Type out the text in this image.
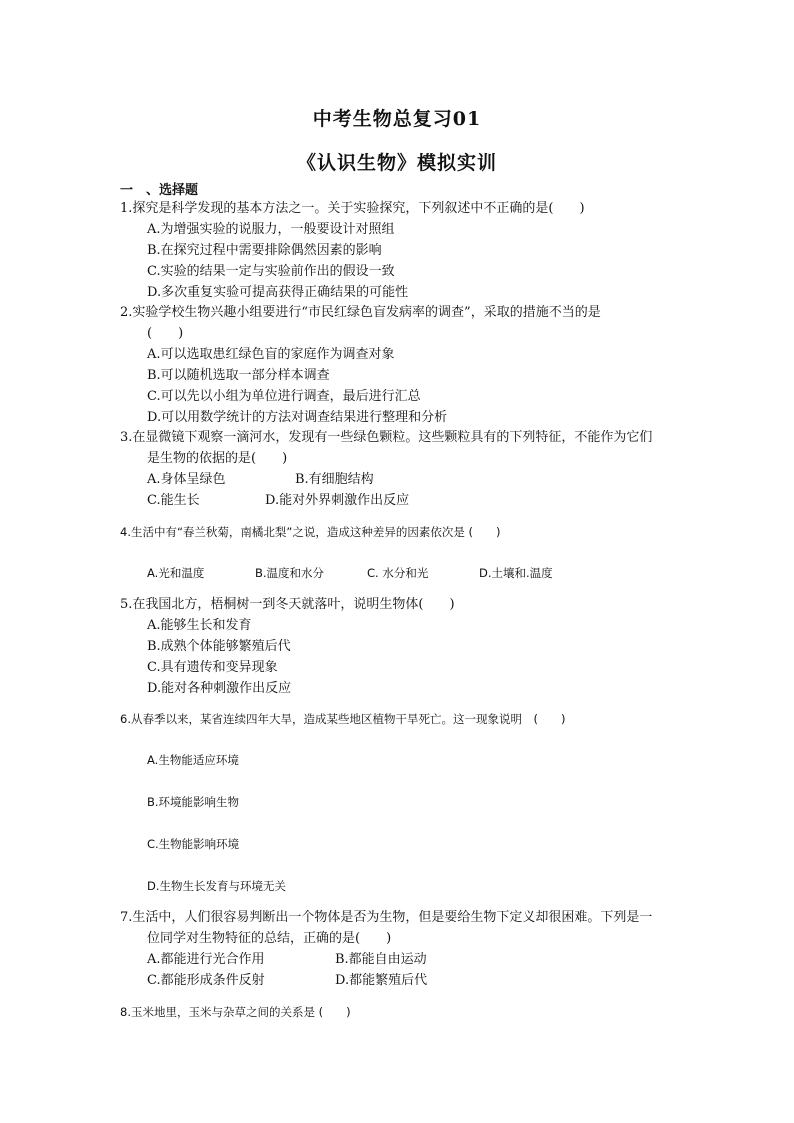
中考生物总复习01
《认识生物》模拟实训
一　、选择题
1.探究是科学发现的基本方法之一。关于实验探究，下列叙述中不正确的是(　　)
A.为增强实验的说服力，一般要设计对照组
B.在探究过程中需要排除偶然因素的影响
C.实验的结果一定与实验前作出的假设一致
D.多次重复实验可提高获得正确结果的可能性
2.实验学校生物兴趣小组要进行“市民红绿色盲发病率的调查”，采取的措施不当的是
(　　)
A.可以选取患红绿色盲的家庭作为调查对象
B.可以随机选取一部分样本调查
C.可以先以小组为单位进行调查，最后进行汇总
D.可以用数学统计的方法对调查结果进行整理和分析
3.在显微镜下观察一滴河水，发现有一些绿色颗粒。这些颗粒具有的下列特征，不能作为它们
是生物的依据的是(　　)
A.身体呈绿色	B.有细胞结构
C.能生长	D.能对外界刺激作出反应
4.生活中有“春兰秋菊，南橘北梨”之说，造成这种差异的因素依次是 (　　)
A.光和温度	B.温度和水分	C. 水分和光	D.土壤和.温度
5.在我国北方，梧桐树一到冬天就落叶，说明生物体(　　)
A.能够生长和发育
B.成熟个体能够繁殖后代
C.具有遗传和变异现象
D.能对各种刺激作出反应
6.从春季以来，某省连续四年大旱，造成某些地区植物干旱死亡。这一现象说明　(　　)
A.生物能适应环境
B.环境能影响生物
C.生物能影响环境
D.生物生长发育与环境无关
7.生活中，人们很容易判断出一个物体是否为生物，但是要给生物下定义却很困难。下列是一
位同学对生物特征的总结，正确的是(　　)
A.都能进行光合作用	B.都能自由运动
C.都能形成条件反射	D.都能繁殖后代
8.玉米地里，玉米与杂草之间的关系是 (　　)
